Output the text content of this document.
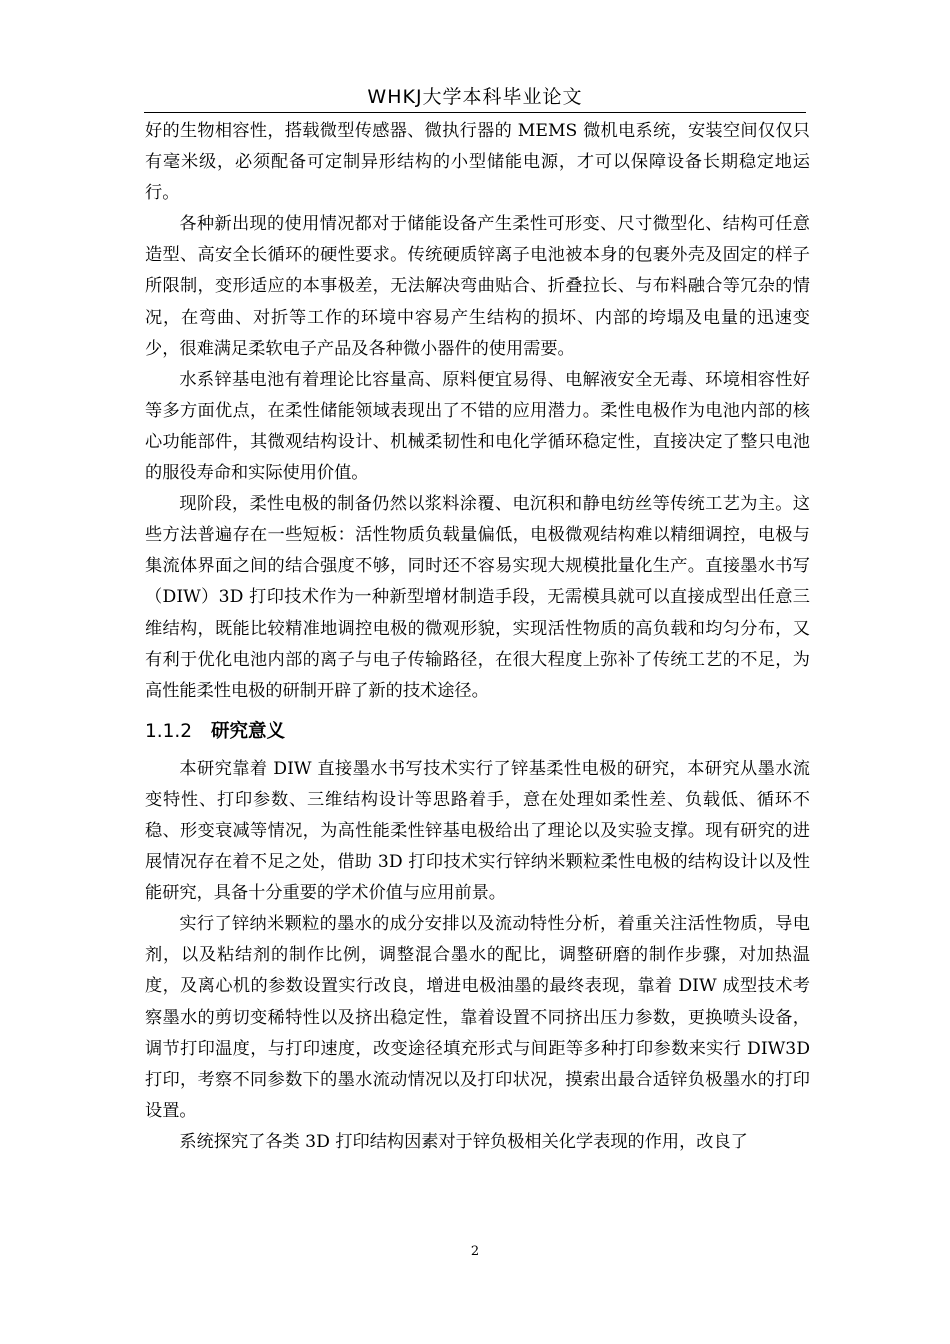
WHKJ大学本科毕业论文

好的生物相容性，搭载微型传感器、微执行器的 MEMS 微机电系统，安装空间仅仅只有毫米级，必须配备可定制异形结构的小型储能电源，才可以保障设备长期稳定地运行。

各种新出现的使用情况都对于储能设备产生柔性可形变、尺寸微型化、结构可任意造型、高安全长循环的硬性要求。传统硬质锌离子电池被本身的包裹外壳及固定的样子所限制，变形适应的本事极差，无法解决弯曲贴合、折叠拉长、与布料融合等冗杂的情况，在弯曲、对折等工作的环境中容易产生结构的损坏、内部的垮塌及电量的迅速变少，很难满足柔软电子产品及各种微小器件的使用需要。

水系锌基电池有着理论比容量高、原料便宜易得、电解液安全无毒、环境相容性好等多方面优点，在柔性储能领域表现出了不错的应用潜力。柔性电极作为电池内部的核心功能部件，其微观结构设计、机械柔韧性和电化学循环稳定性，直接决定了整只电池的服役寿命和实际使用价值。

现阶段，柔性电极的制备仍然以浆料涂覆、电沉积和静电纺丝等传统工艺为主。这些方法普遍存在一些短板：活性物质负载量偏低，电极微观结构难以精细调控，电极与集流体界面之间的结合强度不够，同时还不容易实现大规模批量化生产。直接墨水书写（DIW）3D 打印技术作为一种新型增材制造手段，无需模具就可以直接成型出任意三维结构，既能比较精准地调控电极的微观形貌，实现活性物质的高负载和均匀分布，又有利于优化电池内部的离子与电子传输路径，在很大程度上弥补了传统工艺的不足，为高性能柔性电极的研制开辟了新的技术途径。

1.1.2 研究意义

本研究靠着 DIW 直接墨水书写技术实行了锌基柔性电极的研究，本研究从墨水流变特性、打印参数、三维结构设计等思路着手，意在处理如柔性差、负载低、循环不稳、形变衰减等情况，为高性能柔性锌基电极给出了理论以及实验支撑。现有研究的进展情况存在着不足之处，借助 3D 打印技术实行锌纳米颗粒柔性电极的结构设计以及性能研究，具备十分重要的学术价值与应用前景。

实行了锌纳米颗粒的墨水的成分安排以及流动特性分析，着重关注活性物质，导电剂，以及粘结剂的制作比例，调整混合墨水的配比，调整研磨的制作步骤，对加热温度，及离心机的参数设置实行改良，增进电极油墨的最终表现，靠着 DIW 成型技术考察墨水的剪切变稀特性以及挤出稳定性，靠着设置不同挤出压力参数，更换喷头设备，调节打印温度，与打印速度，改变途径填充形式与间距等多种打印参数来实行 DIW3D 打印，考察不同参数下的墨水流动情况以及打印状况，摸索出最合适锌负极墨水的打印设置。

系统探究了各类 3D 打印结构因素对于锌负极相关化学表现的作用，改良了

2
